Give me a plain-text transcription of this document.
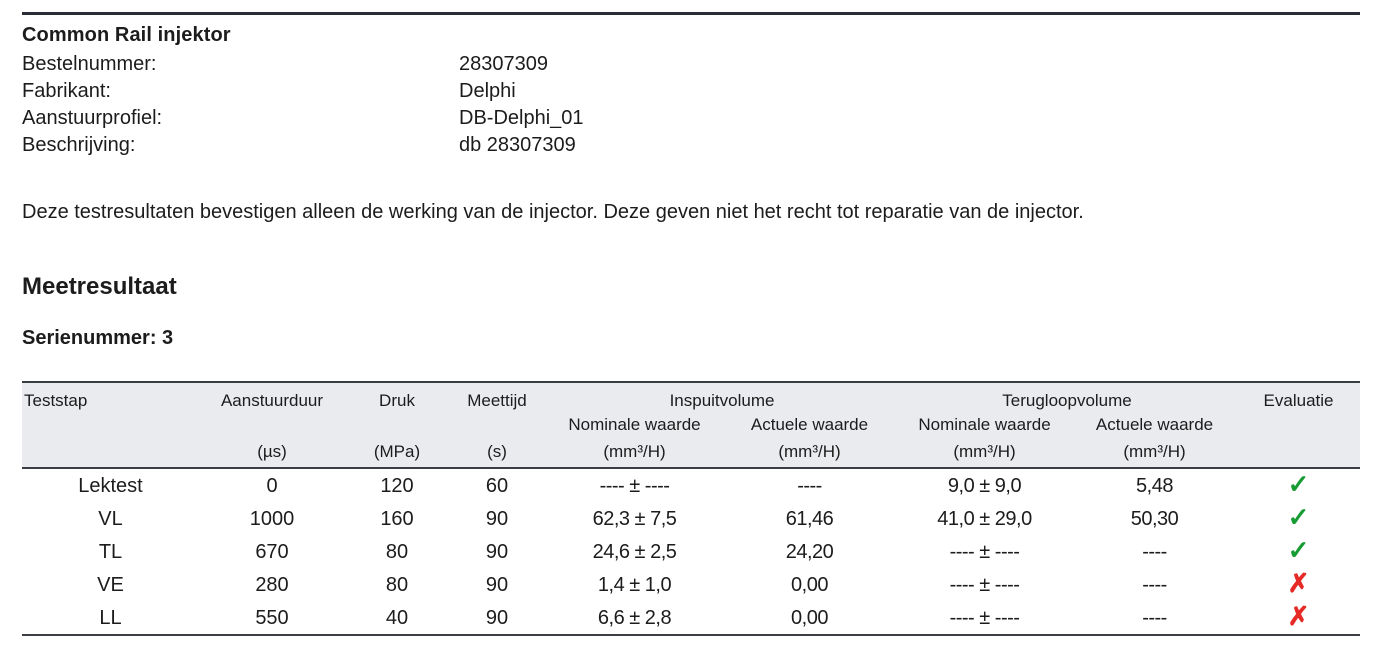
Common Rail injektor
Bestelnummer:	28307309
Fabrikant:	Delphi
Aanstuurprofiel:	DB-Delphi_01
Beschrijving:	db 28307309
Deze testresultaten bevestigen alleen de werking van de injector. Deze geven niet het recht tot reparatie van de injector.
Meetresultaat
Serienummer: 3
Teststap	Aanstuurduur	Druk	Meettijd	Inspuitvolume		Terugloopvolume		Evaluatie
				Nominale waarde	Actuele waarde	Nominale waarde	Actuele waarde	
	(µs)	(MPa)	(s)	(mm³/H)	(mm³/H)	(mm³/H)	(mm³/H)	
Lektest	0	120	60	---- ± ----	----	9,0 ± 9,0	5,48	✓
VL	1000	160	90	62,3 ± 7,5	61,46	41,0 ± 29,0	50,30	✓
TL	670	80	90	24,6 ± 2,5	24,20	---- ± ----	----	✓
VE	280	80	90	1,4 ± 1,0	0,00	---- ± ----	----	✗
LL	550	40	90	6,6 ± 2,8	0,00	---- ± ----	----	✗
